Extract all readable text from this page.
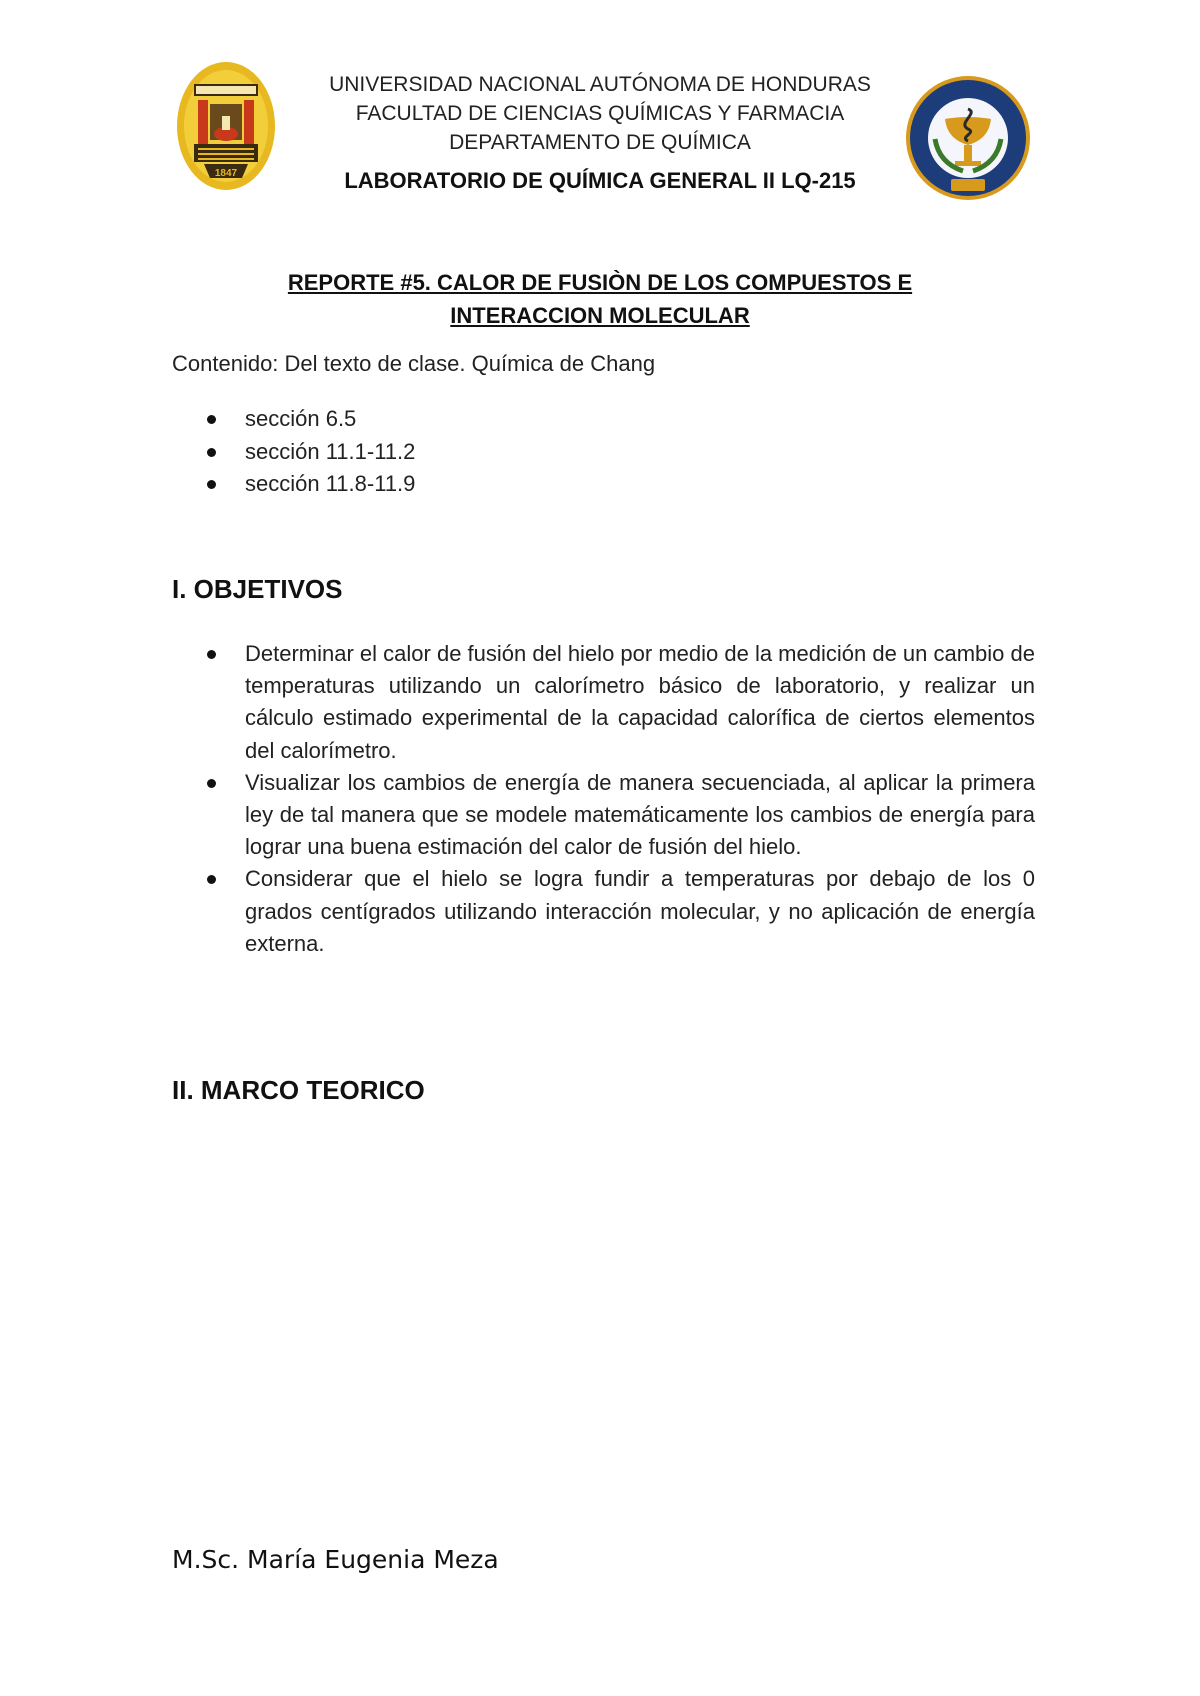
1847
UNIVERSIDAD NACIONAL AUTÓNOMA DE HONDURAS
FACULTAD DE CIENCIAS QUÍMICAS Y FARMACIA
DEPARTAMENTO DE QUÍMICA
LABORATORIO DE QUÍMICA GENERAL II LQ-215
REPORTE #5. CALOR DE FUSIÒN DE LOS COMPUESTOS E
INTERACCION MOLECULAR
Contenido: Del texto de clase. Química de Chang
sección 6.5
sección 11.1-11.2
sección 11.8-11.9
I. OBJETIVOS
Determinar el calor de fusión del hielo por medio de la medición de un cambio de temperaturas utilizando un calorímetro básico de laboratorio, y realizar un cálculo estimado experimental de la capacidad calorífica de ciertos elementos del calorímetro.
Visualizar los cambios de energía de manera secuenciada, al aplicar la primera ley de tal manera que se modele matemáticamente los cambios de energía para lograr una buena estimación del calor de fusión del hielo.
Considerar que el hielo se logra fundir a temperaturas por debajo de los 0 grados centígrados utilizando interacción molecular, y no aplicación de energía externa.
II. MARCO TEORICO
M.Sc. María Eugenia Meza
